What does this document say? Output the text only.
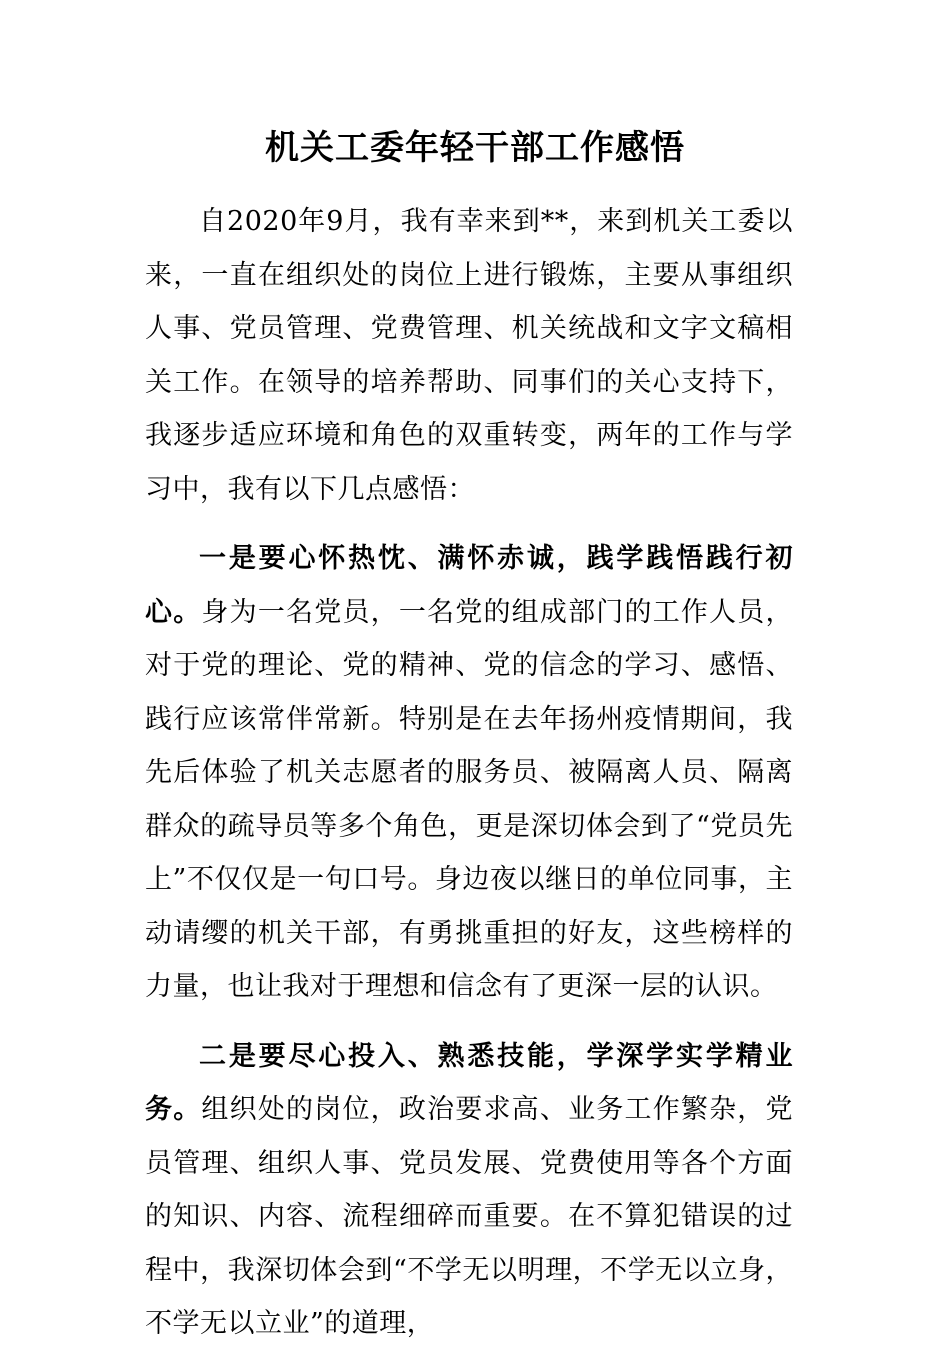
机关工委年轻干部工作感悟

自2020年9月，我有幸来到**，来到机关工委以来，一直在组织处的岗位上进行锻炼，主要从事组织人事、党员管理、党费管理、机关统战和文字文稿相关工作。在领导的培养帮助、同事们的关心支持下，我逐步适应环境和角色的双重转变，两年的工作与学习中，我有以下几点感悟：

一是要心怀热忱、满怀赤诚，践学践悟践行初心。身为一名党员，一名党的组成部门的工作人员，对于党的理论、党的精神、党的信念的学习、感悟、践行应该常伴常新。特别是在去年扬州疫情期间，我先后体验了机关志愿者的服务员、被隔离人员、隔离群众的疏导员等多个角色，更是深切体会到了“党员先上”不仅仅是一句口号。身边夜以继日的单位同事，主动请缨的机关干部，有勇挑重担的好友，这些榜样的力量，也让我对于理想和信念有了更深一层的认识。

二是要尽心投入、熟悉技能，学深学实学精业务。组织处的岗位，政治要求高、业务工作繁杂，党员管理、组织人事、党员发展、党费使用等各个方面的知识、内容、流程细碎而重要。在不算犯错误的过程中，我深切体会到“不学无以明理，不学无以立身，不学无以立业”的道理，
